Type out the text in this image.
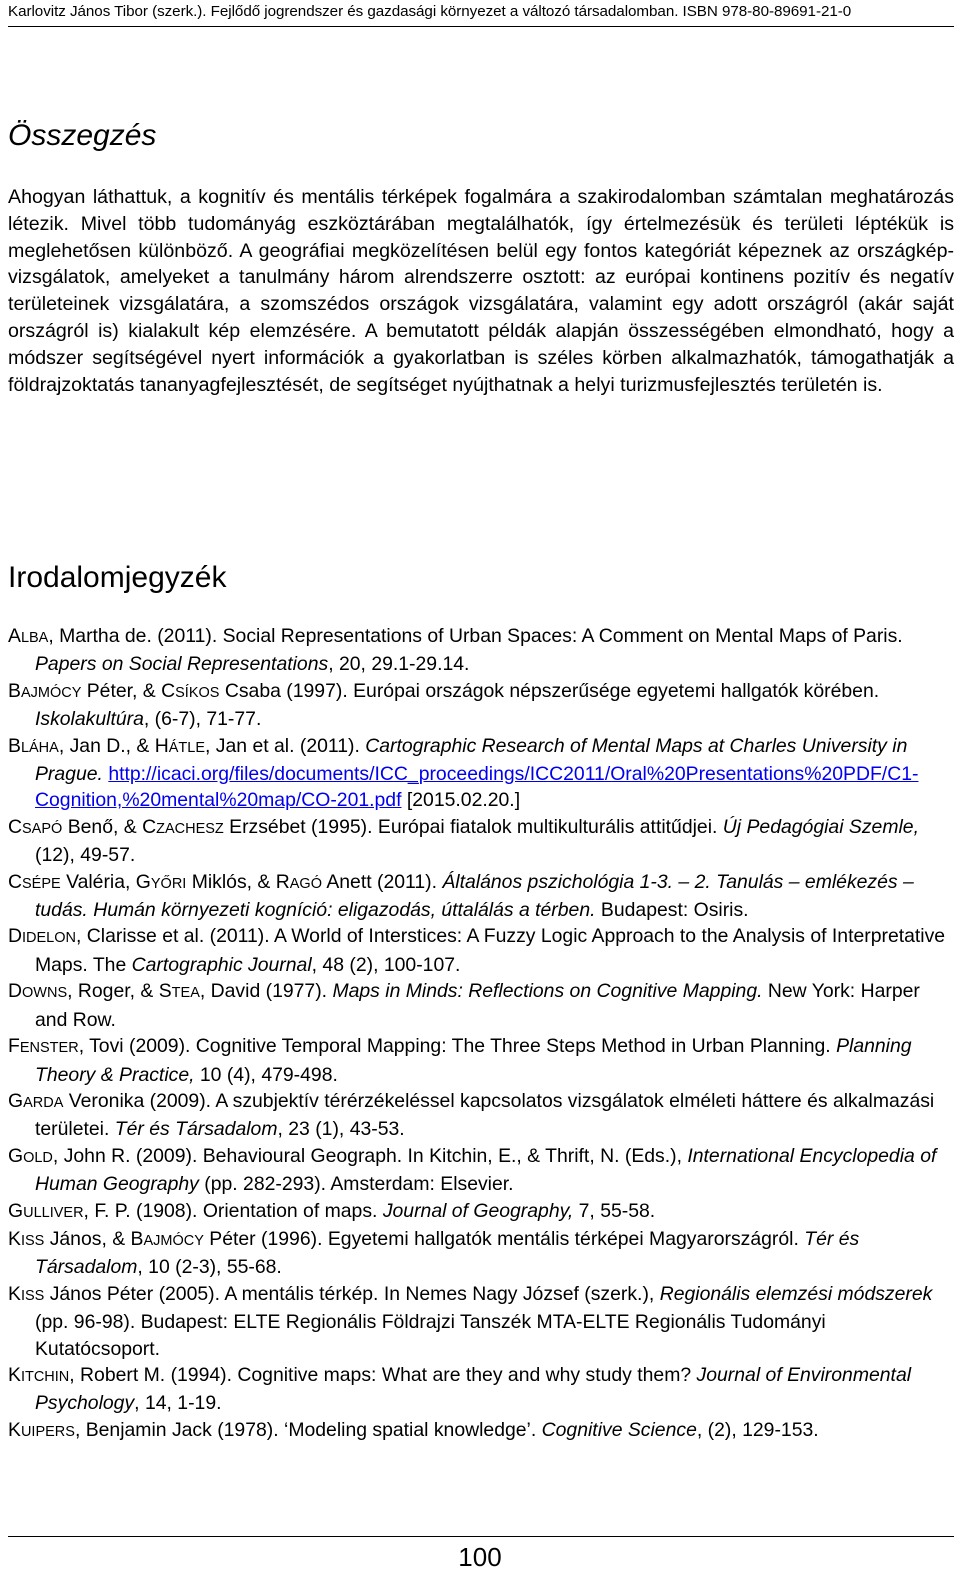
Karlovitz János Tibor (szerk.). Fejlődő jogrendszer és gazdasági környezet a változó társadalomban. ISBN 978-80-89691-21-0
Összegzés

Ahogyan láthattuk, a kognitív és mentális térképek fogalmára a szakirodalomban számtalan meghatározás létezik. Mivel több tudományág eszköztárában megtalálhatók, így értelmezésük és területi léptékük is meglehetősen különböző. A geográfiai megközelítésen belül egy fontos kategóriát képeznek az országkép-vizsgálatok, amelyeket a tanulmány három alrendszerre osztott: az európai kontinens pozitív és negatív területeinek vizsgálatára, a szomszédos országok vizsgálatára, valamint egy adott országról (akár saját országról is) kialakult kép elemzésére. A bemutatott példák alapján összességében elmondható, hogy a módszer segítségével nyert információk a gyakorlatban is széles körben alkalmazhatók, támogathatják a földrajzoktatás tananyagfejlesztését, de segítséget nyújthatnak a helyi turizmusfejlesztés területén is.

Irodalomjegyzék

ALBA, Martha de. (2011). Social Representations of Urban Spaces: A Comment on Mental Maps of Paris. Papers on Social Representations, 20, 29.1-29.14.

BAJMÓCY Péter, & CSÍKOS Csaba (1997). Európai országok népszerűsége egyetemi hallgatók körében. Iskolakultúra, (6-7), 71-77.

BLÁHA, Jan D., & HÁTLE, Jan et al. (2011). Cartographic Research of Mental Maps at Charles University in Prague. http://icaci.org/files/documents/ICC_proceedings/ICC2011/Oral%20Presentations%20PDF/C1-Cognition,%20mental%20map/CO-201.pdf [2015.02.20.]

CSAPÓ Benő, & CZACHESZ Erzsébet (1995). Európai fiatalok multikulturális attitűdjei. Új Pedagógiai Szemle, (12), 49-57.

CSÉPE Valéria, GYŐRI Miklós, & RAGÓ Anett (2011). Általános pszichológia 1-3. – 2. Tanulás – emlékezés – tudás. Humán környezeti kogníció: eligazodás, úttalálás a térben. Budapest: Osiris.

DIDELON, Clarisse et al. (2011). A World of Interstices: A Fuzzy Logic Approach to the Analysis of Interpretative Maps. The Cartographic Journal, 48 (2), 100-107.

DOWNS, Roger, & STEA, David (1977). Maps in Minds: Reflections on Cognitive Mapping. New York: Harper and Row.

FENSTER, Tovi (2009). Cognitive Temporal Mapping: The Three Steps Method in Urban Planning. Planning Theory & Practice, 10 (4), 479-498.

GARDA Veronika (2009). A szubjektív térérzékeléssel kapcsolatos vizsgálatok elméleti háttere és alkalmazási területei. Tér és Társadalom, 23 (1), 43-53.

GOLD, John R. (2009). Behavioural Geograph. In Kitchin, E., & Thrift, N. (Eds.), International Encyclopedia of Human Geography (pp. 282-293). Amsterdam: Elsevier.

GULLIVER, F. P. (1908). Orientation of maps. Journal of Geography, 7, 55-58.

KISS János, & BAJMÓCY Péter (1996). Egyetemi hallgatók mentális térképei Magyarországról. Tér és Társadalom, 10 (2-3), 55-68.

KISS János Péter (2005). A mentális térkép. In Nemes Nagy József (szerk.), Regionális elemzési módszerek (pp. 96-98). Budapest: ELTE Regionális Földrajzi Tanszék MTA-ELTE Regionális Tudományi Kutatócsoport.

KITCHIN, Robert M. (1994). Cognitive maps: What are they and why study them? Journal of Environmental Psychology, 14, 1-19.

KUIPERS, Benjamin Jack (1978). ‘Modeling spatial knowledge’. Cognitive Science, (2), 129-153.

100
